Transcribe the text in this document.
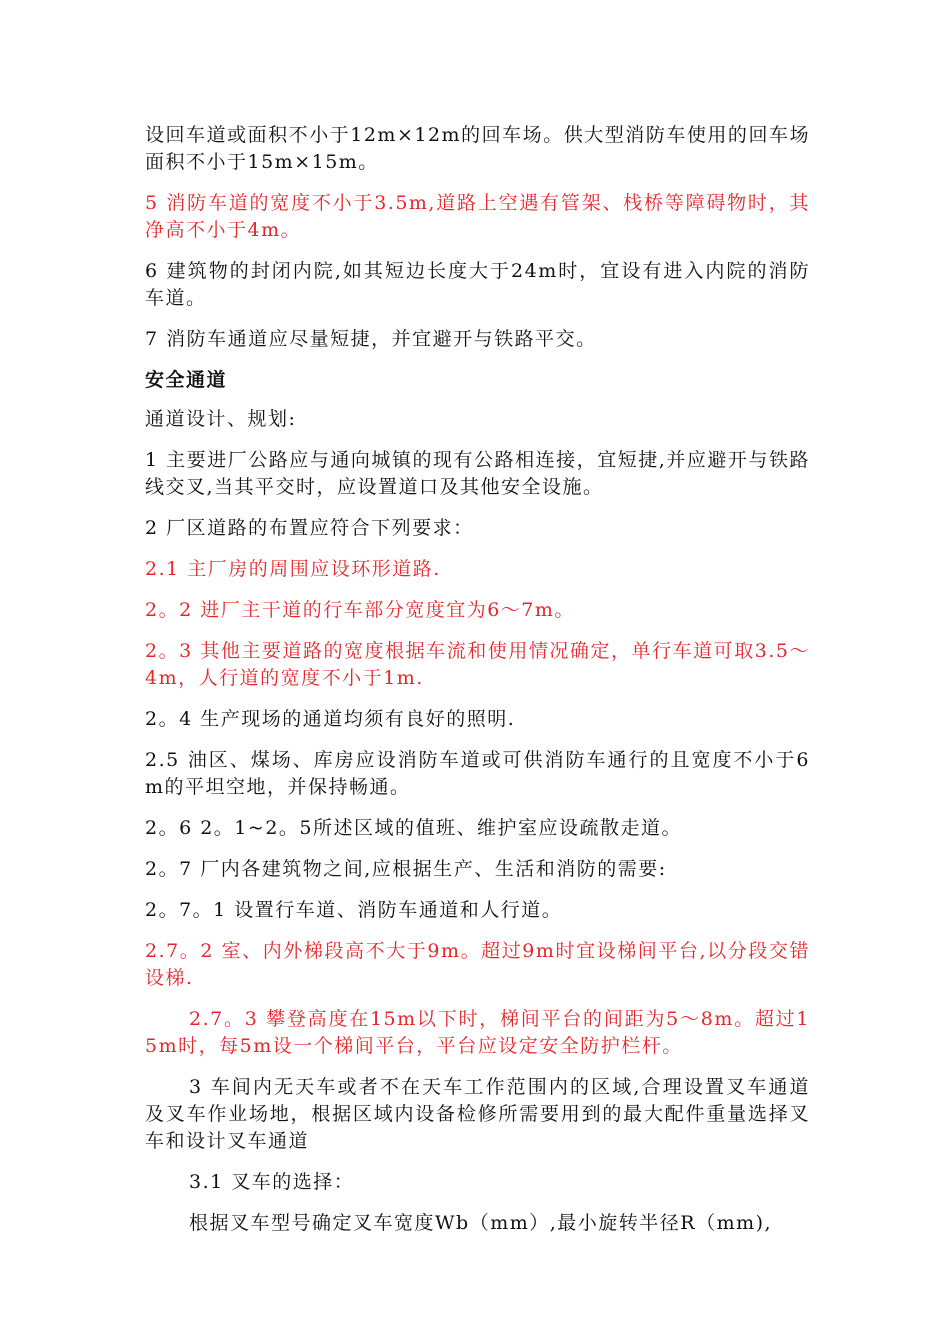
设回车道或面积不小于12m×12m的回车场。供大型消防车使用的回车场面积不小于15m×15m。

5 消防车道的宽度不小于3.5m,道路上空遇有管架、栈桥等障碍物时，其净高不小于4m。

6 建筑物的封闭内院,如其短边长度大于24m时，宜设有进入内院的消防车道。

7 消防车通道应尽量短捷，并宜避开与铁路平交。

安全通道

通道设计、规划:

1 主要进厂公路应与通向城镇的现有公路相连接，宜短捷,并应避开与铁路线交叉,当其平交时，应设置道口及其他安全设施。

2 厂区道路的布置应符合下列要求：

2.1 主厂房的周围应设环形道路.

2。2 进厂主干道的行车部分宽度宜为6～7m。

2。3 其他主要道路的宽度根据车流和使用情况确定，单行车道可取3.5～4m，人行道的宽度不小于1m.

2。4 生产现场的通道均须有良好的照明.

2.5 油区、煤场、库房应设消防车道或可供消防车通行的且宽度不小于6m的平坦空地，并保持畅通。

2。6 2。1~2。5所述区域的值班、维护室应设疏散走道。

2。7 厂内各建筑物之间,应根据生产、生活和消防的需要:

2。7。1 设置行车道、消防车通道和人行道。

2.7。2 室、内外梯段高不大于9m。超过9m时宜设梯间平台,以分段交错设梯.

2.7。3 攀登高度在15m以下时，梯间平台的间距为5～8m。超过15m时，每5m设一个梯间平台，平台应设定安全防护栏杆。

3 车间内无天车或者不在天车工作范围内的区域,合理设置叉车通道及叉车作业场地，根据区域内设备检修所需要用到的最大配件重量选择叉车和设计叉车通道

3.1 叉车的选择：

根据叉车型号确定叉车宽度Wb（mm）,最小旋转半径R（mm),
